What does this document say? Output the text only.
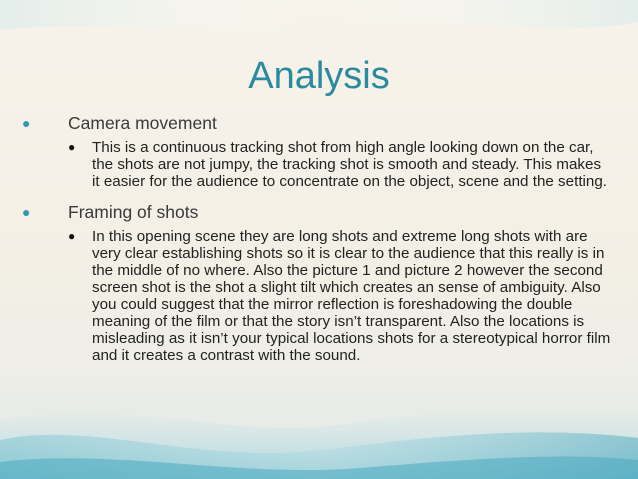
Analysis
● Camera movement
● This is a continuous tracking shot from high angle looking down on the car, the shots are not jumpy, the tracking shot is smooth and steady. This makes it easier for the audience to concentrate on the object, scene and the setting.
● Framing of shots
● In this opening scene they are long shots and extreme long shots with are very clear establishing shots so it is clear to the audience that this really is in the middle of no where. Also the picture 1 and picture 2 however the second screen shot is the shot a slight tilt which creates an sense of ambiguity. Also you could suggest that the mirror reflection is foreshadowing the double meaning of the film or that the story isn’t transparent. Also the locations is misleading as it isn’t your typical locations shots for a stereotypical horror film and it creates a contrast with the sound.
